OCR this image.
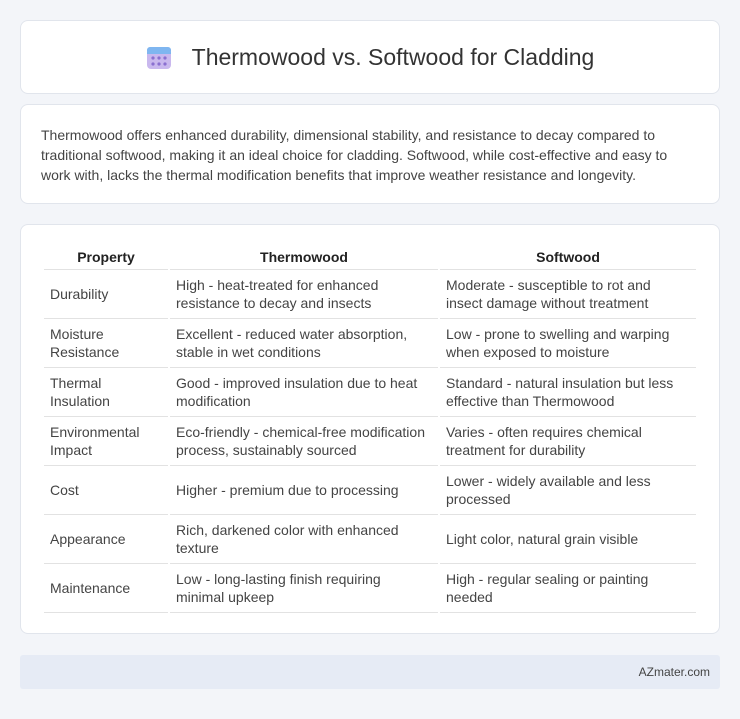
Thermowood vs. Softwood for Cladding

Thermowood offers enhanced durability, dimensional stability, and resistance to decay compared to traditional softwood, making it an ideal choice for cladding. Softwood, while cost-effective and easy to work with, lacks the thermal modification benefits that improve weather resistance and longevity.

Property	Thermowood	Softwood
Durability	High - heat-treated for enhanced resistance to decay and insects	Moderate - susceptible to rot and insect damage without treatment
Moisture Resistance	Excellent - reduced water absorption, stable in wet conditions	Low - prone to swelling and warping when exposed to moisture
Thermal Insulation	Good - improved insulation due to heat modification	Standard - natural insulation but less effective than Thermowood
Environmental Impact	Eco-friendly - chemical-free modification process, sustainably sourced	Varies - often requires chemical treatment for durability
Cost	Higher - premium due to processing	Lower - widely available and less processed
Appearance	Rich, darkened color with enhanced texture	Light color, natural grain visible
Maintenance	Low - long-lasting finish requiring minimal upkeep	High - regular sealing or painting needed
AZmater.com
